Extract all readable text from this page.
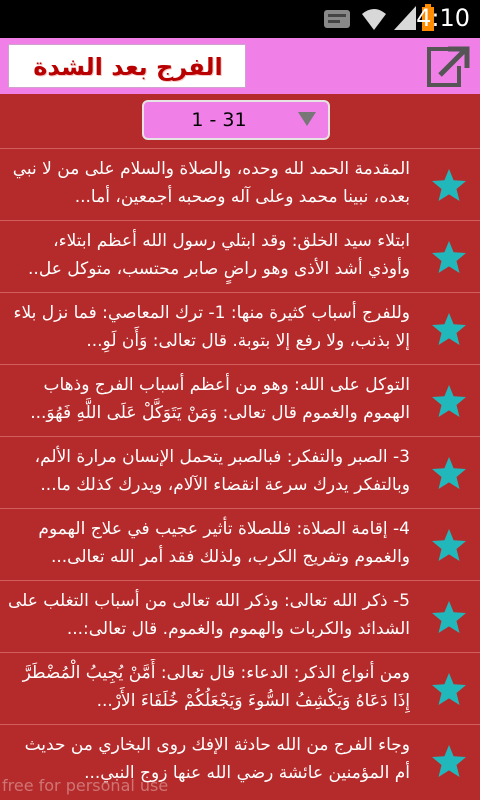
4:10
الفرج بعد الشدة
1 - 31
المقدمة الحمد لله وحده، والصلاة والسلام على من لا نبي بعده، نبينا محمد وعلى آله وصحبه أجمعين، أما...
ابتلاء سيد الخلق: وقد ابتلي رسول الله أعظم ابتلاء، وأوذي أشد الأذى وهو راضٍ صابر محتسب، متوكل عل..
وللفرج أسباب كثيرة منها: 1- ترك المعاصي: فما نزل بلاء إلا بذنب، ولا رفع إلا بتوبة. قال تعالى: وَأَن لَوِ...
التوكل على الله: وهو من أعظم أسباب الفرج وذهاب الهموم والغموم قال تعالى: وَمَنْ يَتَوَكَّلْ عَلَى اللَّهِ فَهُوَ...
3- الصبر والتفكر: فبالصبر يتحمل الإنسان مرارة الألم، وبالتفكر يدرك سرعة انقضاء الآلام، ويدرك كذلك ما...
4- إقامة الصلاة: فللصلاة تأثير عجيب في علاج الهموم والغموم وتفريج الكرب، ولذلك فقد أمر الله تعالى...
5- ذكر الله تعالى: وذكر الله تعالى من أسباب التغلب على الشدائد والكربات والهموم والغموم. قال تعالى:...
ومن أنواع الذكر: الدعاء: قال تعالى: أَمَّنْ يُجِيبُ الْمُضْطَرَّ إِذَا دَعَاهُ وَيَكْشِفُ السُّوءَ وَيَجْعَلُكُمْ خُلَفَاءَ الأَرْ...
وجاء الفرج من الله حادثة الإفك روى البخاري من حديث أم المؤمنين عائشة رضي الله عنها زوج النبي...
free for personal use
